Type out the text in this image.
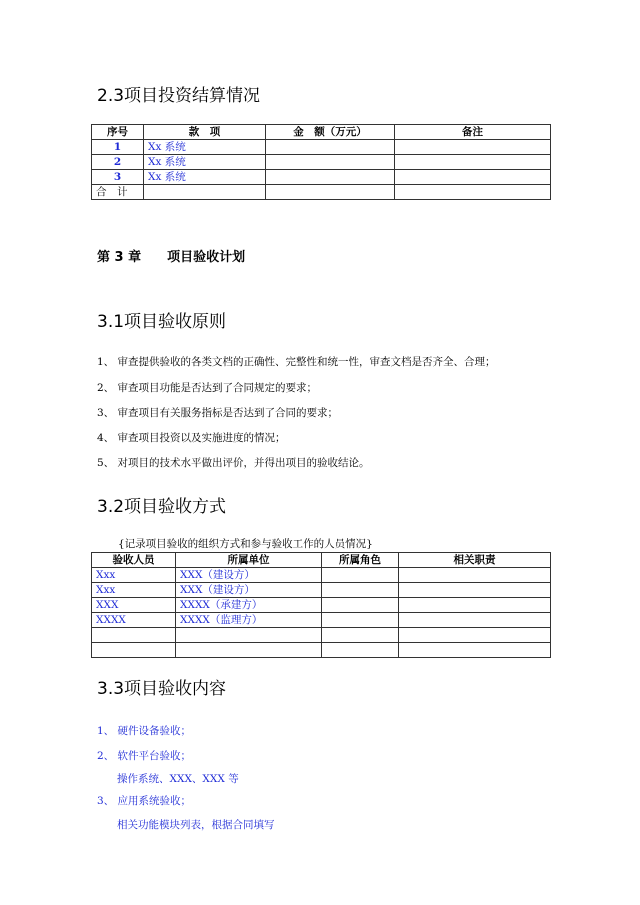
2.3项目投资结算情况
序号	款　项	金　额（万元）	备注
1	Xx 系统		
2	Xx 系统		
3	Xx 系统		
合　计			
第 3 章 项目验收计划
3.1项目验收原则
1、 审查提供验收的各类文档的正确性、完整性和统一性，审查文档是否齐全、合理；
2、 审查项目功能是否达到了合同规定的要求；
3、 审查项目有关服务指标是否达到了合同的要求；
4、 审查项目投资以及实施进度的情况；
5、 对项目的技术水平做出评价，并得出项目的验收结论。
3.2项目验收方式
{记录项目验收的组织方式和参与验收工作的人员情况}
验收人员	所属单位	所属角色	相关职责
Xxx	XXX（建设方）		
Xxx	XXX（建设方）		
XXX	XXXX（承建方）		
XXXX	XXXX（监理方）		

3.3项目验收内容
1、 硬件设备验收；
2、 软件平台验收；
操作系统、XXX、XXX 等
3、 应用系统验收；
相关功能模块列表，根据合同填写
